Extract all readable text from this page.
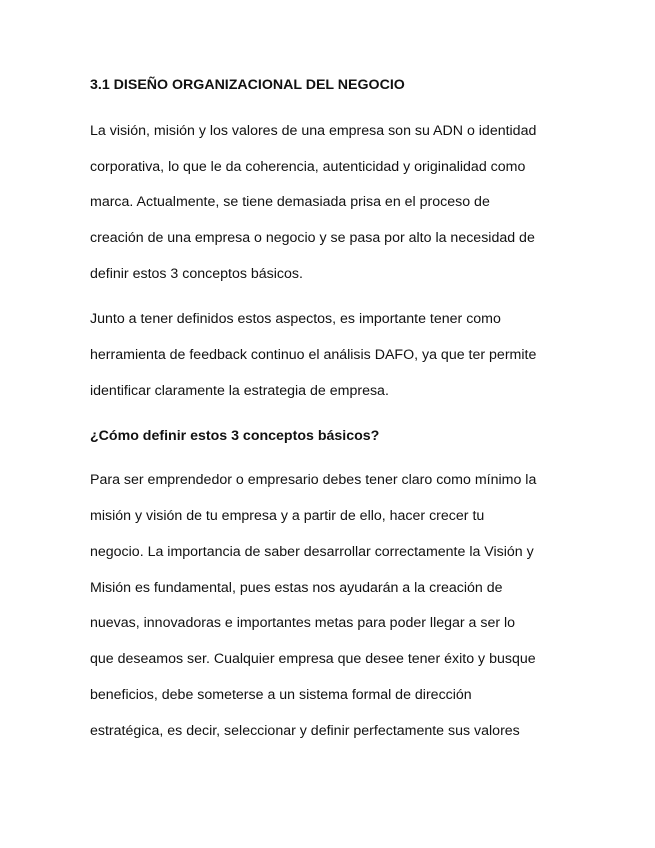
3.1 DISEÑO ORGANIZACIONAL DEL NEGOCIO

La visión, misión y los valores de una empresa son su ADN o identidad

corporativa, lo que le da coherencia, autenticidad y originalidad como

marca. Actualmente, se tiene demasiada prisa en el proceso de

creación de una empresa o negocio y se pasa por alto la necesidad de

definir estos 3 conceptos básicos.

Junto a tener definidos estos aspectos, es importante tener como

herramienta de feedback continuo el análisis DAFO, ya que ter permite

identificar claramente la estrategia de empresa.

¿Cómo definir estos 3 conceptos básicos?

Para ser emprendedor o empresario debes tener claro como mínimo la

misión y visión de tu empresa y a partir de ello, hacer crecer tu

negocio. La importancia de saber desarrollar correctamente la Visión y

Misión es fundamental, pues estas nos ayudarán a la creación de

nuevas, innovadoras e importantes metas para poder llegar a ser lo

que deseamos ser. Cualquier empresa que desee tener éxito y busque

beneficios, debe someterse a un sistema formal de dirección

estratégica, es decir, seleccionar y definir perfectamente sus valores
